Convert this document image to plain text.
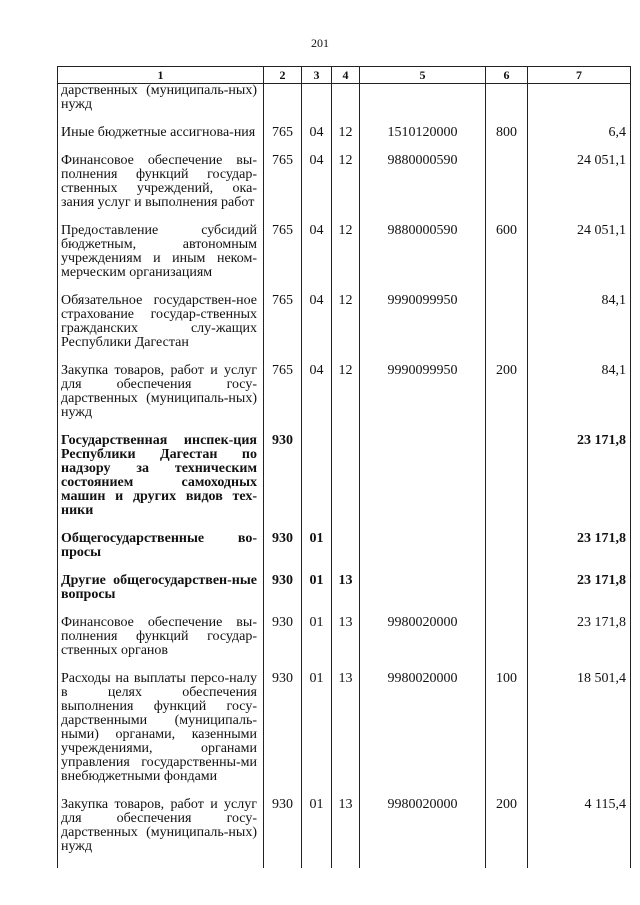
201
1	2	3	4	5	6	7
дарственных (муниципаль-ных) нужд						

Иные бюджетные ассигнова-ния	765	04	12	1510120000	800	6,4

Финансовое обеспечение вы-полнения функций государ-ственных учреждений, ока-зания услуг и выполнения работ	765	04	12	9880000590		24 051,1

Предоставление субсидий бюджетным, автономным учреждениям и иным неком-мерческим организациям	765	04	12	9880000590	600	24 051,1

Обязательное государствен-ное страхование государ-ственных гражданских слу-жащих Республики Дагестан	765	04	12	9990099950		84,1

Закупка товаров, работ и услуг для обеспечения госу-дарственных (муниципаль-ных) нужд	765	04	12	9990099950	200	84,1

Государственная инспек-ция Республики Дагестан по надзору за техническим состоянием самоходных машин и других видов тех-ники	930					23 171,8

Общегосударственные во-просы	930	01				23 171,8

Другие общегосударствен-ные вопросы	930	01	13			23 171,8

Финансовое обеспечение вы-полнения функций государ-ственных органов	930	01	13	9980020000		23 171,8

Расходы на выплаты персо-налу в целях обеспечения выполнения функций госу-дарственными (муниципаль-ными) органами, казенными учреждениями, органами управления государственны-ми внебюджетными фондами	930	01	13	9980020000	100	18 501,4

Закупка товаров, работ и услуг для обеспечения госу-дарственных (муниципаль-ных) нужд	930	01	13	9980020000	200	4 115,4
